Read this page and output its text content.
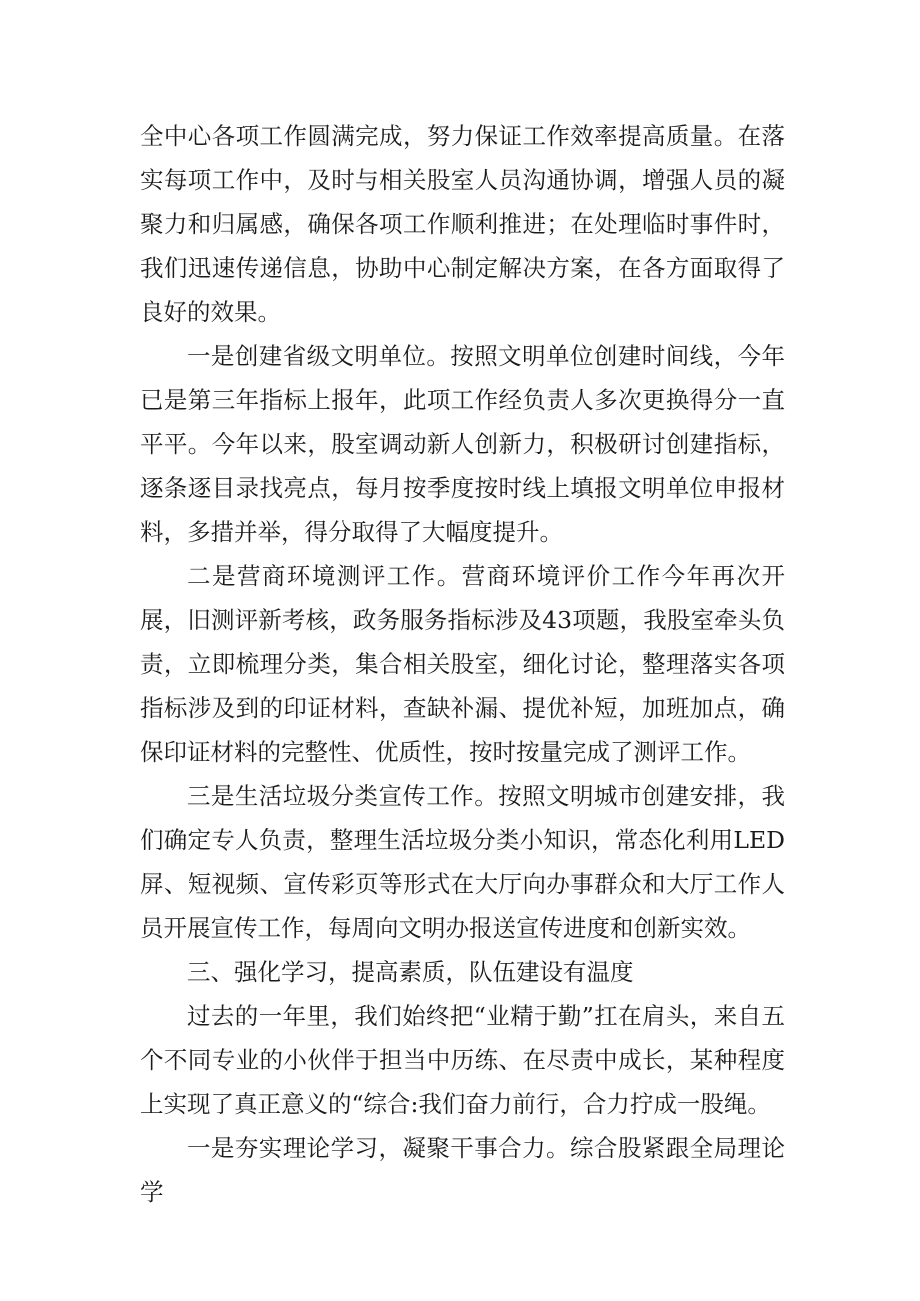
全中心各项工作圆满完成，努力保证工作效率提高质量。在落实每项工作中，及时与相关股室人员沟通协调，增强人员的凝聚力和归属感，确保各项工作顺利推进；在处理临时事件时，我们迅速传递信息，协助中心制定解决方案，在各方面取得了良好的效果。

一是创建省级文明单位。按照文明单位创建时间线，今年已是第三年指标上报年，此项工作经负责人多次更换得分一直平平。今年以来，股室调动新人创新力，积极研讨创建指标，逐条逐目录找亮点，每月按季度按时线上填报文明单位申报材料，多措并举，得分取得了大幅度提升。

二是营商环境测评工作。营商环境评价工作今年再次开展，旧测评新考核，政务服务指标涉及43项题，我股室牵头负责，立即梳理分类，集合相关股室，细化讨论，整理落实各项指标涉及到的印证材料，查缺补漏、提优补短，加班加点，确保印证材料的完整性、优质性，按时按量完成了测评工作。

三是生活垃圾分类宣传工作。按照文明城市创建安排，我们确定专人负责，整理生活垃圾分类小知识，常态化利用LED屏、短视频、宣传彩页等形式在大厅向办事群众和大厅工作人员开展宣传工作，每周向文明办报送宣传进度和创新实效。

三、强化学习，提高素质，队伍建设有温度

过去的一年里，我们始终把“业精于勤”扛在肩头，来自五个不同专业的小伙伴于担当中历练、在尽责中成长，某种程度上实现了真正意义的“综合:我们奋力前行，合力拧成一股绳。

一是夯实理论学习，凝聚干事合力。综合股紧跟全局理论学
